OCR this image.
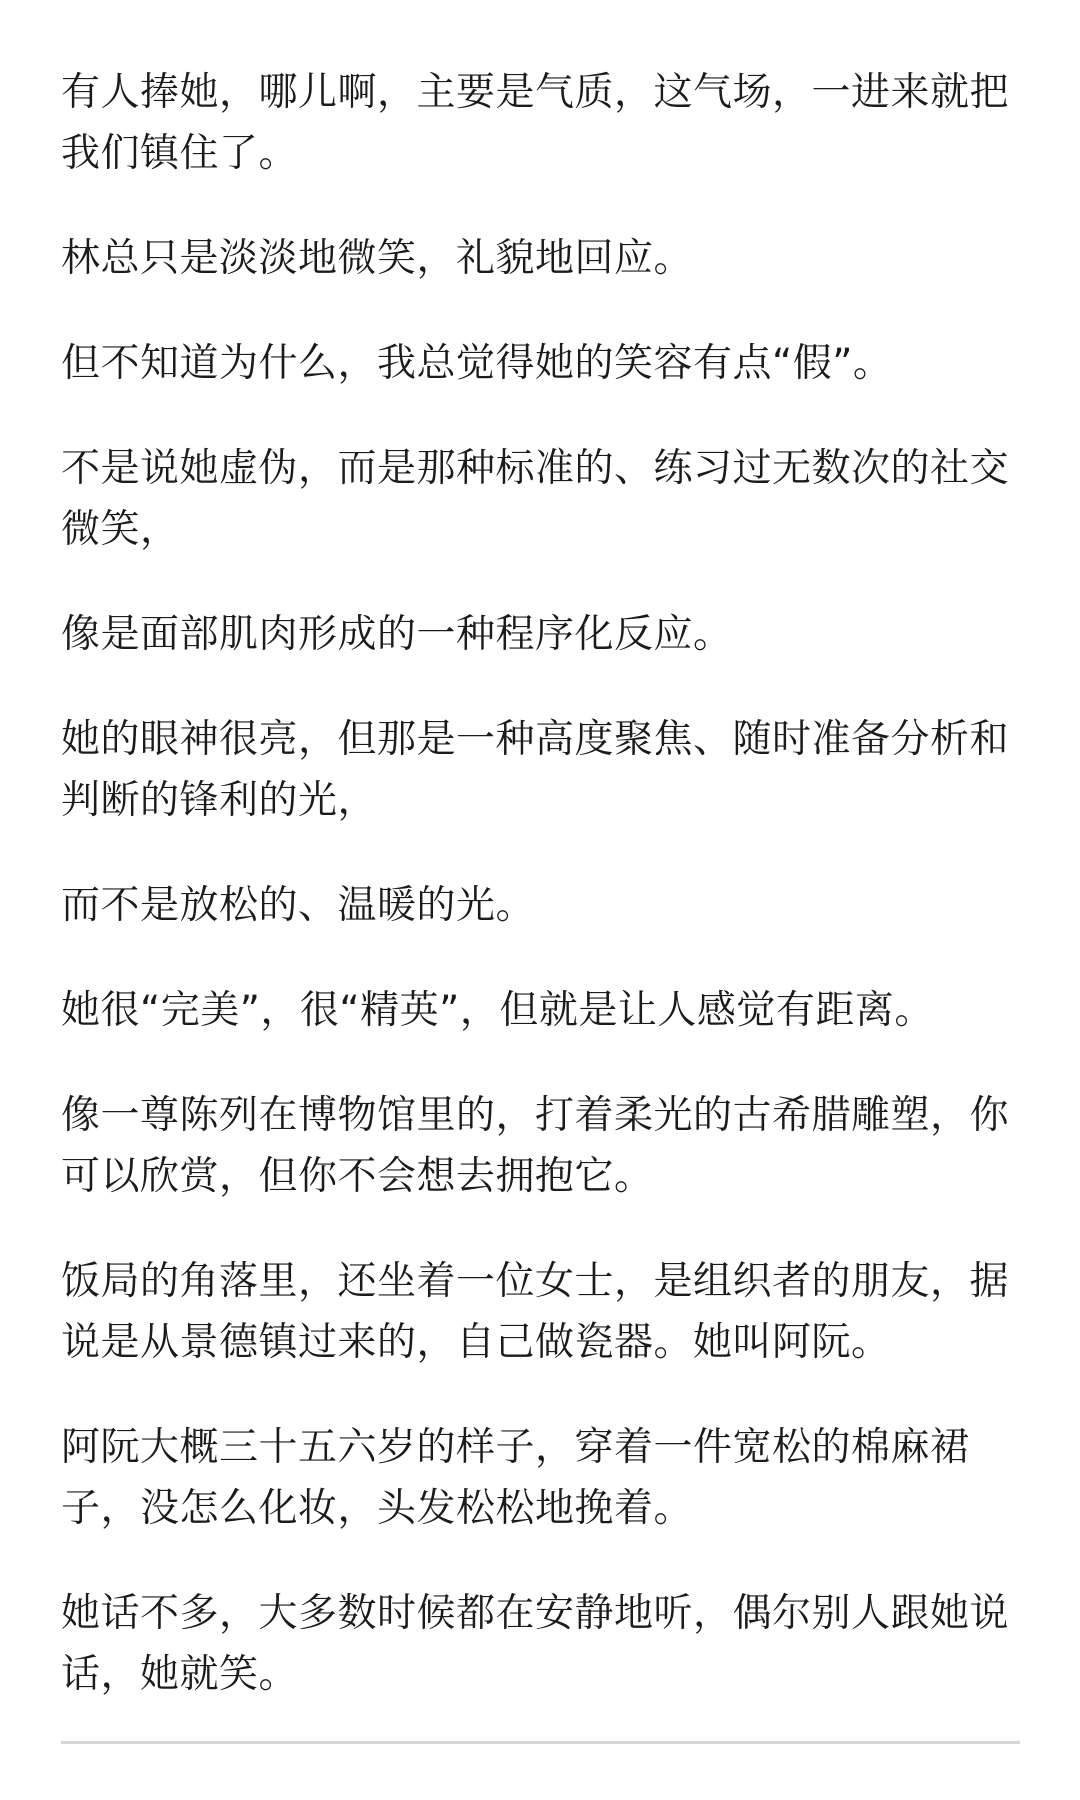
有人捧她，哪儿啊，主要是气质，这气场，一进来就把我们镇住了。

林总只是淡淡地微笑，礼貌地回应。

但不知道为什么，我总觉得她的笑容有点“假”。

不是说她虚伪，而是那种标准的、练习过无数次的社交微笑，

像是面部肌肉形成的一种程序化反应。

她的眼神很亮，但那是一种高度聚焦、随时准备分析和判断的锋利的光，

而不是放松的、温暖的光。

她很“完美”，很“精英”，但就是让人感觉有距离。

像一尊陈列在博物馆里的，打着柔光的古希腊雕塑，你可以欣赏，但你不会想去拥抱它。

饭局的角落里，还坐着一位女士，是组织者的朋友，据说是从景德镇过来的，自己做瓷器。她叫阿阮。

阿阮大概三十五六岁的样子，穿着一件宽松的棉麻裙子，没怎么化妆，头发松松地挽着。

她话不多，大多数时候都在安静地听，偶尔别人跟她说话，她就笑。
